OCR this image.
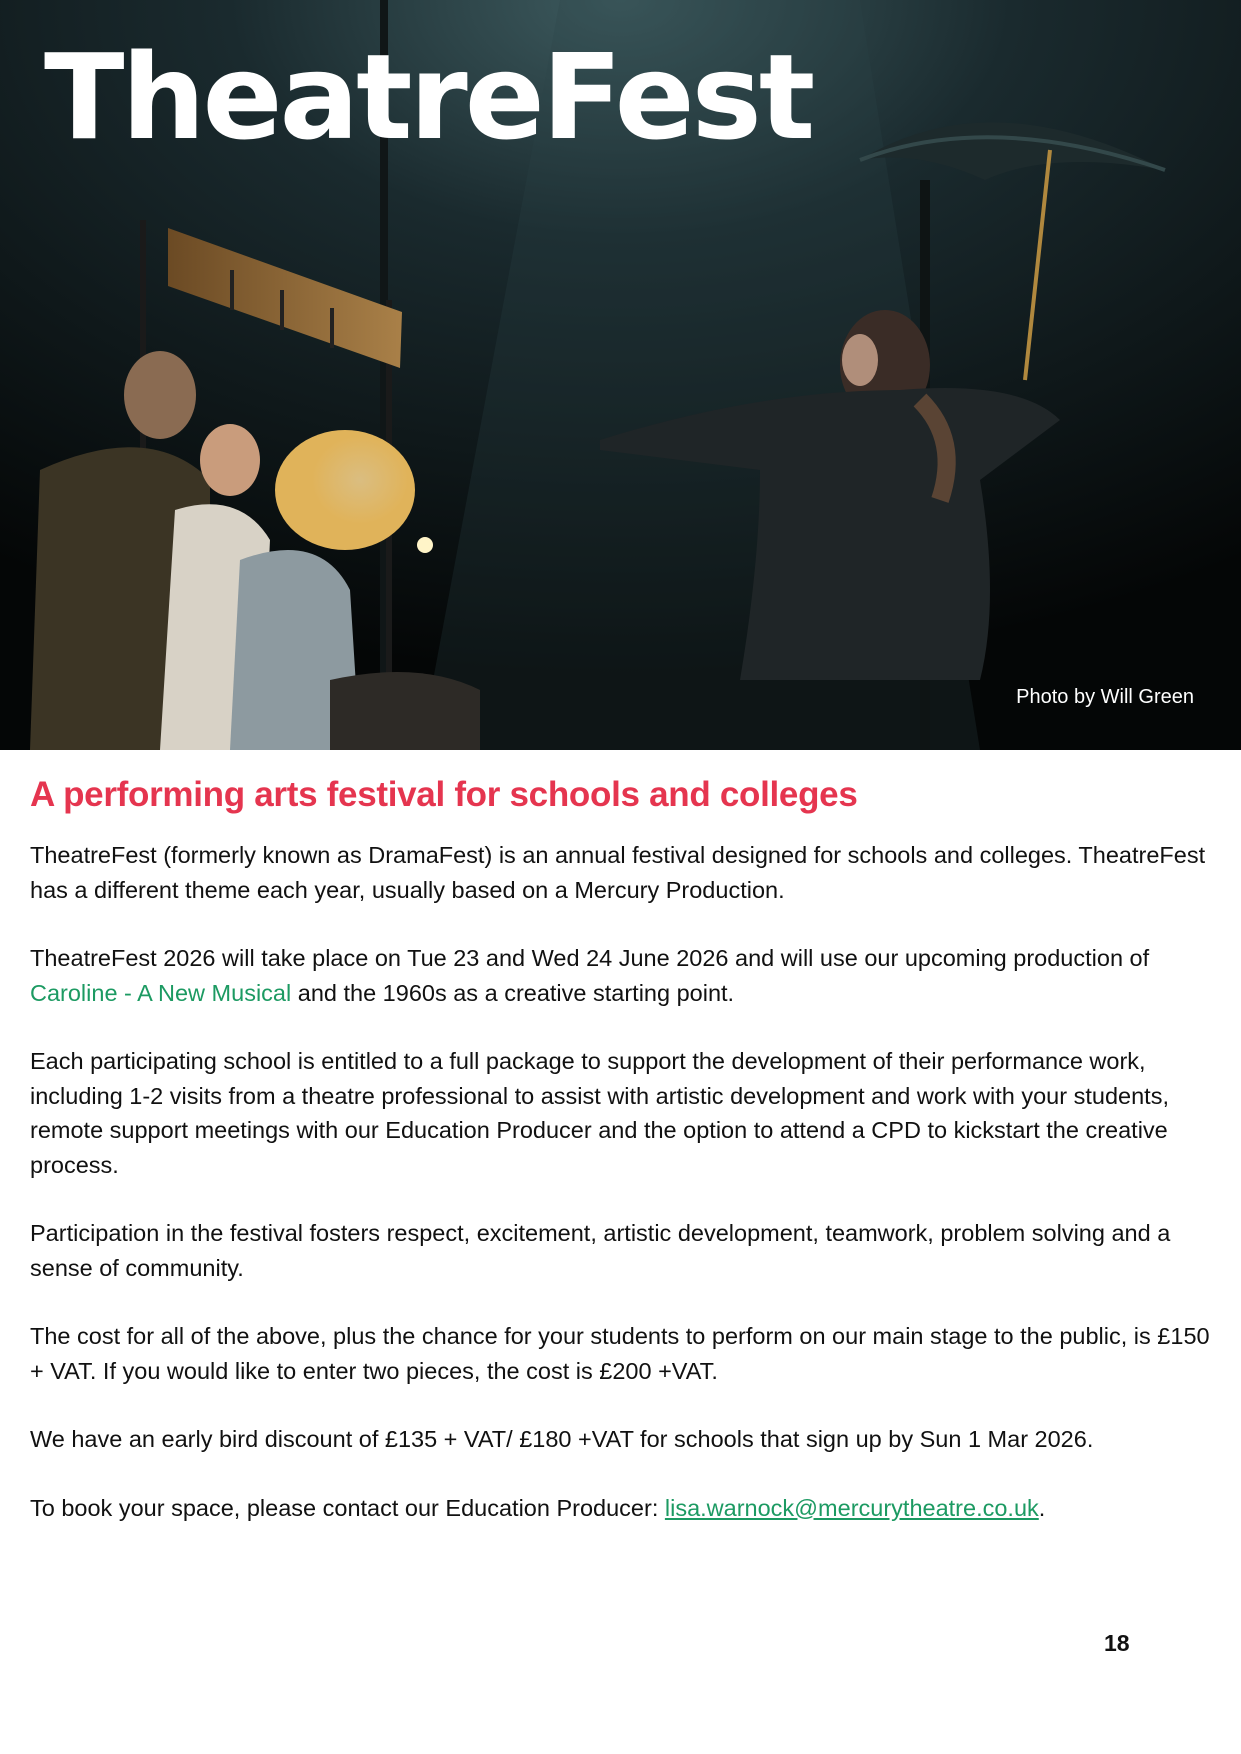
TheatreFest
Photo by Will Green
A performing arts festival for schools and colleges

TheatreFest (formerly known as DramaFest) is an annual festival designed for schools and colleges. TheatreFest has a different theme each year, usually based on a Mercury Production.

TheatreFest 2026 will take place on Tue 23 and Wed 24 June 2026 and will use our upcoming production of Caroline - A New Musical and the 1960s as a creative starting point.

Each participating school is entitled to a full package to support the development of their performance work, including 1-2 visits from a theatre professional to assist with artistic development and work with your students, remote support meetings with our Education Producer and the option to attend a CPD to kickstart the creative process.

Participation in the festival fosters respect, excitement, artistic development, teamwork, problem solving and a sense of community.

The cost for all of the above, plus the chance for your students to perform on our main stage to the public, is £150 + VAT. If you would like to enter two pieces, the cost is £200 +VAT.

We have an early bird discount of £135 + VAT/ £180 +VAT for schools that sign up by Sun 1 Mar 2026.

To book your space, please contact our Education Producer: lisa.warnock@mercurytheatre.co.uk.

18
